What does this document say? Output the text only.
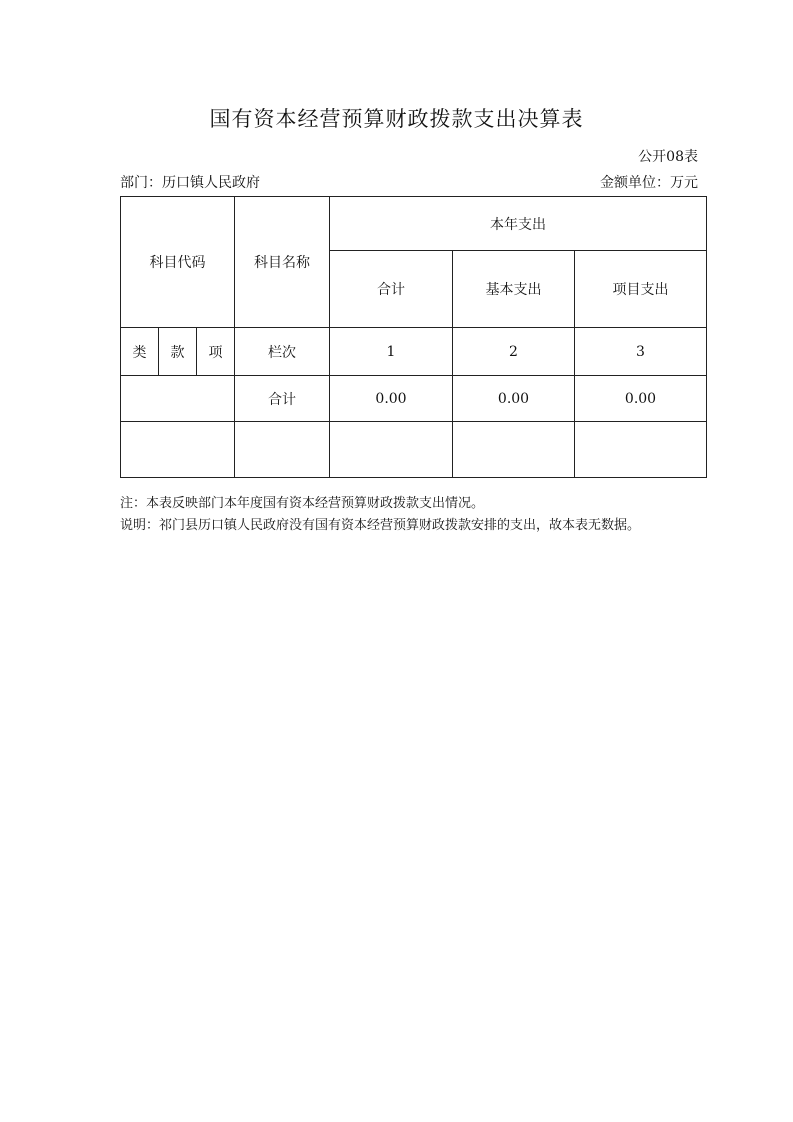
国有资本经营预算财政拨款支出决算表
公开08表
部门：历口镇人民政府	金额单位：万元
科目代码			科目名称	本年支出		
				合计	基本支出	项目支出
类	款	项	栏次	1	2	3
			合计	0.00	0.00	0.00

注：本表反映部门本年度国有资本经营预算财政拨款支出情况。
说明：祁门县历口镇人民政府没有国有资本经营预算财政拨款安排的支出，故本表无数据。
